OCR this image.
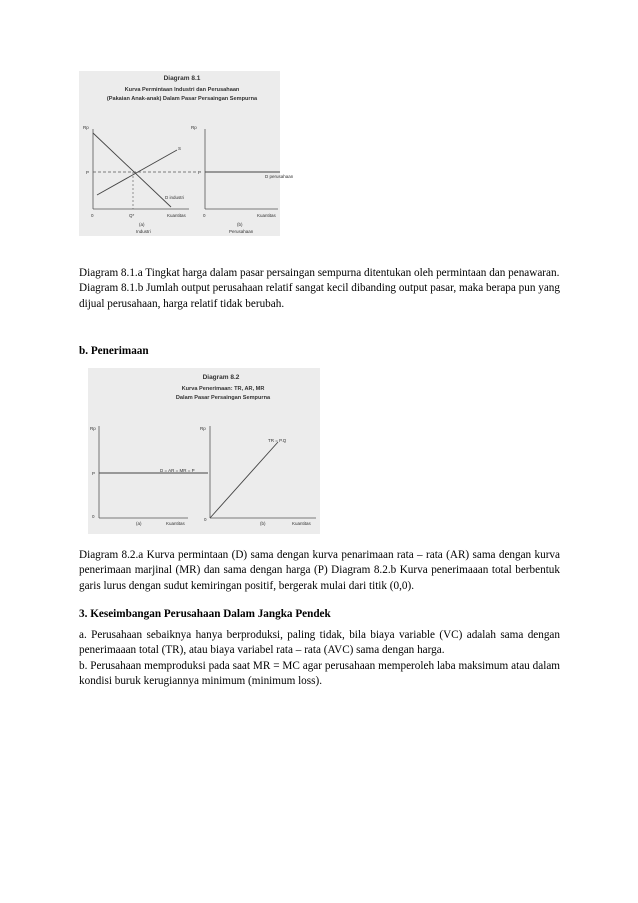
Diagram 8.1
Kurva Permintaan Industri dan Perusahaan
(Pakaian Anak-anak) Dalam Pasar Persaingan Sempurna
Rp
P
S
D industri
0	Q*	Kuantitas
(a)
Industri
Rp
P
D perusahaan
0	Kuantitas
(b)
Perusahaan

Diagram 8.1.a Tingkat harga dalam pasar persaingan sempurna ditentukan oleh permintaan dan penawaran.
Diagram 8.1.b Jumlah output perusahaan relatif sangat kecil dibanding output pasar, maka berapa pun yang dijual perusahaan, harga relatif tidak berubah.

b. Penerimaan

Diagram 8.2
Kurva Penerimaan: TR, AR, MR
Dalam Pasar Persaingan Sempurna
Rp
P
D = AR = MR = P
0
Kuantitas
(a)
Rp
TR = P.Q
0
Kuantitas
(b)

Diagram 8.2.a Kurva permintaan (D) sama dengan kurva penarimaan rata – rata (AR) sama dengan kurva penerimaan marjinal (MR) dan sama dengan harga (P) Diagram 8.2.b Kurva penerimaaan total berbentuk garis lurus dengan sudut kemiringan positif, bergerak mulai dari titik (0,0).

3. Keseimbangan Perusahaan Dalam Jangka Pendek

a. Perusahaan sebaiknya hanya berproduksi, paling tidak, bila biaya variable (VC) adalah sama dengan penerimaaan total (TR), atau biaya variabel rata – rata (AVC) sama dengan harga.
b. Perusahaan memproduksi pada saat MR = MC agar perusahaan memperoleh laba maksimum atau dalam kondisi buruk kerugiannya minimum (minimum loss).
